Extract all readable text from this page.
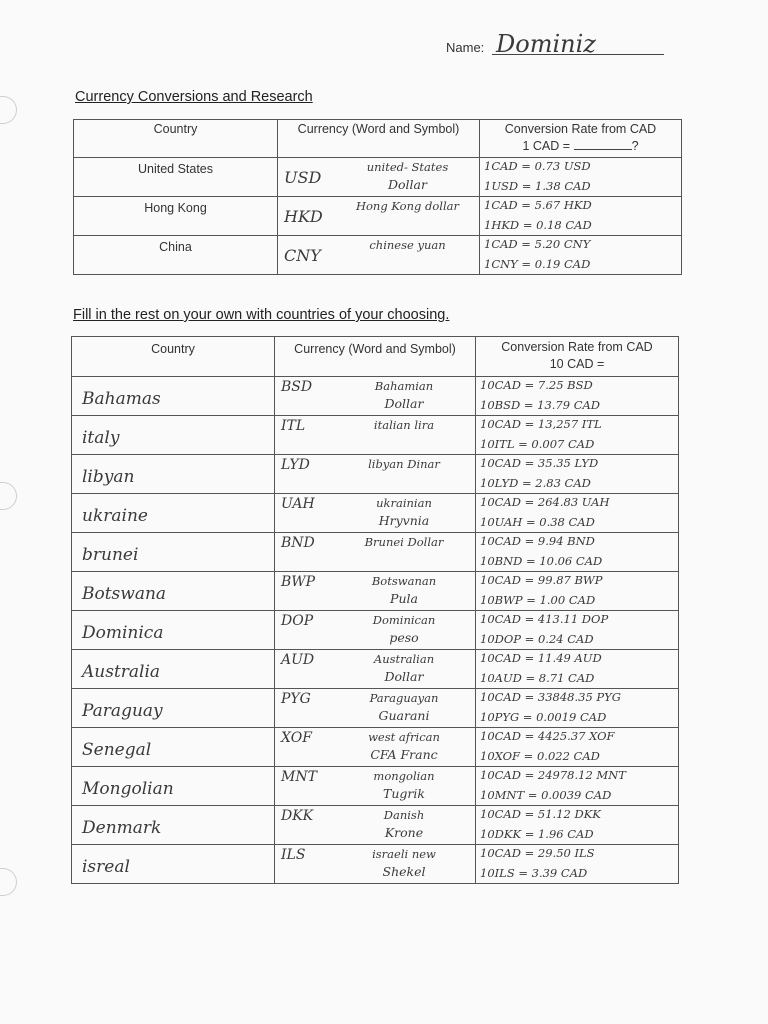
Name: Dominiz
Currency Conversions and Research
Country	Currency (Word and Symbol)	Conversion Rate from CAD
1 CAD = ?

United States	USD
united- States
Dollar	1CAD = 0.73 USD
1USD = 1.38 CAD

Hong Kong	HKD
Hong Kong dollar	1CAD = 5.67 HKD
1HKD = 0.18 CAD

China	CNY
chinese yuan	1CAD = 5.20 CNY
1CNY = 0.19 CAD
Fill in the rest on your own with countries of your choosing.
Country	Currency (Word and Symbol)	Conversion Rate from CAD
10 CAD =

Bahamas	BSD Bahamian
Dollar	10CAD = 7.25 BSD
10BSD = 13.79 CAD

italy	ITL italian lira	10CAD = 13,257 ITL
10ITL = 0.007 CAD

libyan	LYD libyan Dinar	10CAD = 35.35 LYD
10LYD = 2.83 CAD

ukraine	UAH ukrainian
Hryvnia	10CAD = 264.83 UAH
10UAH = 0.38 CAD

brunei	BND Brunei Dollar	10CAD = 9.94 BND
10BND = 10.06 CAD

Botswana	BWP Botswanan
Pula	10CAD = 99.87 BWP
10BWP = 1.00 CAD

Dominica	DOP Dominican
peso	10CAD = 413.11 DOP
10DOP = 0.24 CAD

Australia	AUD Australian
Dollar	10CAD = 11.49 AUD
10AUD = 8.71 CAD

Paraguay	PYG Paraguayan
Guarani	10CAD = 33848.35 PYG
10PYG = 0.0019 CAD

Senegal	XOF west african
CFA Franc	10CAD = 4425.37 XOF
10XOF = 0.022 CAD

Mongolian	MNT mongolian
Tugrik	10CAD = 24978.12 MNT
10MNT = 0.0039 CAD

Denmark	DKK Danish
Krone	10CAD = 51.12 DKK
10DKK = 1.96 CAD

isreal	ILS israeli new
Shekel	10CAD = 29.50 ILS
10ILS = 3.39 CAD
